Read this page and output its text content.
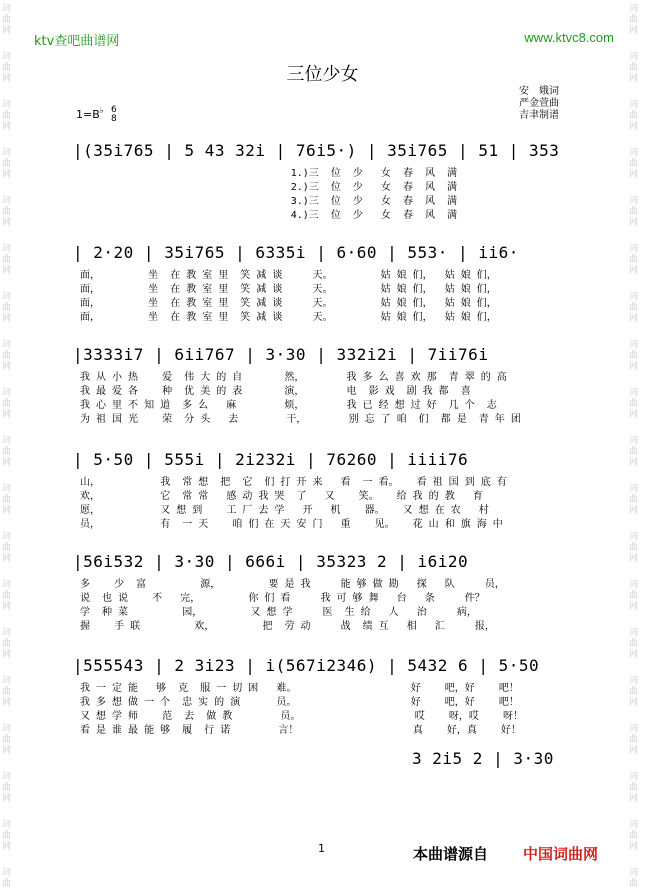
词
曲
网
词
曲
网
词
曲
网
词
曲
网
词
曲
网
词
曲
网
词
曲
网
词
曲
网
词
曲
网
词
曲
网
词
曲
网
词
曲
网
词
曲
网
词
曲
网
词
曲
网
词
曲
网
词
曲
网
词
曲
网
词
曲
词
曲
网
词
曲
网
词
曲
网
词
曲
网
词
曲
网
词
曲
网
词
曲
网
词
曲
网
词
曲
网
词
曲
网
词
曲
网
词
曲
网
词
曲
网
词
曲
网
词
曲
网
词
曲
网
词
曲
网
词
曲
网
词
曲
ktv查吧曲谱网	www.ktvc8.com
三位少女
安　娥词
严金萱曲
吉聿制谱
1=B♭ 6
8
|(35i765 | 5 43 32i | 76i5·) | 35i765 | 51 | 353
1.)三  位  少   女  春  风  满
2.)三  位  少   女  春  风  满
3.)三  位  少   女  春  风  满
4.)三  位  少   女  春  风  满
| 2·20 | 35i765 | 6335i | 6·60 | 553· | ii6·
面，        坐  在 教 室 里  笑 减 谈     天。        姑 娘 们，  姑 娘 们，
面，        坐  在 教 室 里  笑 减 谈     天。        姑 娘 们，  姑 娘 们，
面，        坐  在 教 室 里  笑 减 谈     天。        姑 娘 们，  姑 娘 们，
面，        坐  在 教 室 里  笑 减 谈     天。        姑 娘 们，  姑 娘 们，
|3333i7 | 6ii767 | 3·30 | 332i2i | 7ii76i
我 从 小 热    爱  伟 大 的 自       然，       我 多 么 喜 欢 那  青 翠 的 高
我 最 爱 各    种  优 美 的 表       演，       电  影 戏  剧 我 都  喜
我 心 里 不 知 道  多 么   麻        烦，       我 已 经 想 过 好  几 个  志
为 祖 国 光    荣  分 头   去        干，       别 忘 了 咱  们  都 是  青 年 团
| 5·50 | 555i | 2i232i | 76260 | iiii76
山，          我  常 想  把  它  们 打 开 来   看  一 看。   看 祖 国 到 底 有
欢，          它  常 常   感 动 我 哭  了   又    笑。   给 我 的 教   育
愿，          又 想 到    工 厂 去 学   开   机    器。   又 想 在 农   村
员，          有  一 天    咱 们 在 天 安 门   重    见。   花 山 和 旗 海 中
|56i532 | 3·30 | 666i | 35323 2 | i6i20
多    少  富         源，        要 是 我     能 够 做 勘   探   队     员，
说  也 说    不   完，        你 们 看     我 可 够 舞   台   条     件？
学  种 菜         园，        又 想 学     医  生 给   人   治     病，
握    手 联         欢，        把  劳 动     战  绩 互   相   汇     报，
|555543 | 2 3i23 | i(567i2346) | 5432 6 | 5·50
我 一 定 能   够  克  服 一 切 困   难。                   好    吧，好    吧！
我 多 想 做 一 个  忠 实 的 演      员。                   好    吧，好    吧！
又 想 学 师    范  去  做 教        员。                   哎    呀，哎    呀！
看 是 谁 最 能 够  履  行 诺        言！                   真    好，真    好！
3 2i5 2 | 3·30
1	本曲谱源自 中国词曲网
